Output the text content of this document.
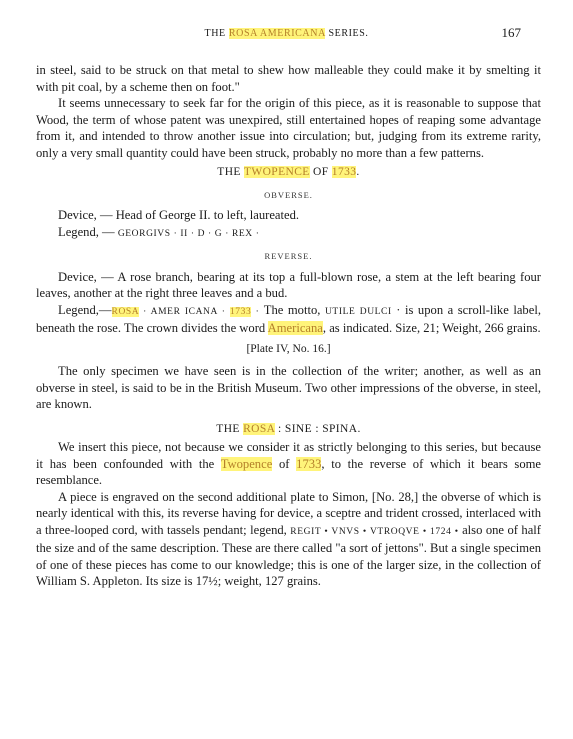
THE ROSA AMERICANA SERIES.	167

in steel, said to be struck on that metal to shew how malleable they could make it by smelting it with pit coal, by a scheme then on foot."

It seems unnecessary to seek far for the origin of this piece, as it is reasonable to suppose that Wood, the term of whose patent was unexpired, still entertained hopes of reaping some advantage from it, and intended to throw another issue into circulation; but, judging from its extreme rarity, only a very small quantity could have been struck, probably no more than a few patterns.

THE TWOPENCE OF 1733.

OBVERSE.

Device, — Head of George II. to left, laureated.

Legend, — GEORGIVS · II · D · G · REX ·

REVERSE.

Device, — A rose branch, bearing at its top a full-blown rose, a stem at the left bearing four leaves, another at the right three leaves and a bud.

Legend,—ROSA · AMER ICANA · 1733 · The motto, UTILE DULCI · is upon a scroll-like label, beneath the rose. The crown divides the word Americana, as indicated. Size, 21; Weight, 266 grains.

[Plate IV, No. 16.]

The only specimen we have seen is in the collection of the writer; another, as well as an obverse in steel, is said to be in the British Museum. Two other impressions of the obverse, in steel, are known.

THE ROSA : SINE : SPINA.

We insert this piece, not because we consider it as strictly belonging to this series, but because it has been confounded with the Twopence of 1733, to the reverse of which it bears some resemblance.

A piece is engraved on the second additional plate to Simon, [No. 28,] the obverse of which is nearly identical with this, its reverse having for device, a sceptre and trident crossed, interlaced with a three-looped cord, with tassels pendant; legend, REGIT • VNVS • VTROQVE • 1724 • also one of half the size and of the same description. These are there called "a sort of jettons". But a single specimen of one of these pieces has come to our knowledge; this is one of the larger size, in the collection of William S. Appleton. Its size is 17½; weight, 127 grains.
